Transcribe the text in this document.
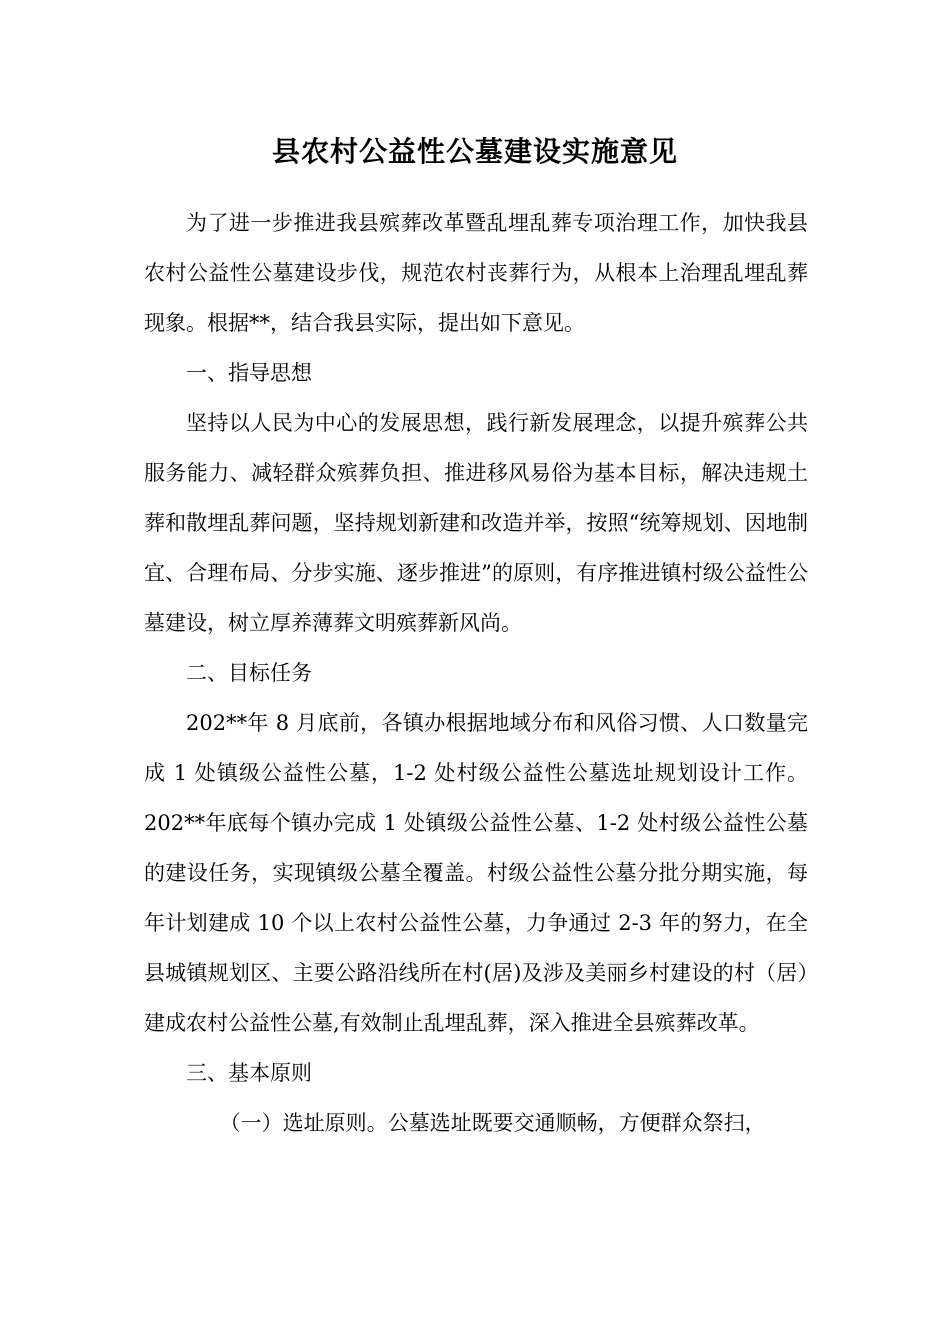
县农村公益性公墓建设实施意见

为了进一步推进我县殡葬改革暨乱埋乱葬专项治理工作，加快我县农村公益性公墓建设步伐，规范农村丧葬行为，从根本上治理乱埋乱葬现象。根据**，结合我县实际，提出如下意见。

一、指导思想

坚持以人民为中心的发展思想，践行新发展理念，以提升殡葬公共服务能力、减轻群众殡葬负担、推进移风易俗为基本目标，解决违规土葬和散埋乱葬问题，坚持规划新建和改造并举，按照“统筹规划、因地制宜、合理布局、分步实施、逐步推进”的原则，有序推进镇村级公益性公墓建设，树立厚养薄葬文明殡葬新风尚。

二、目标任务

202**年 8 月底前，各镇办根据地域分布和风俗习惯、人口数量完成 1 处镇级公益性公墓，1-2 处村级公益性公墓选址规划设计工作。202**年底每个镇办完成 1 处镇级公益性公墓、1-2 处村级公益性公墓的建设任务，实现镇级公墓全覆盖。村级公益性公墓分批分期实施，每年计划建成 10 个以上农村公益性公墓，力争通过 2-3 年的努力，在全县城镇规划区、主要公路沿线所在村(居)及涉及美丽乡村建设的村（居）建成农村公益性公墓,有效制止乱埋乱葬，深入推进全县殡葬改革。

三、基本原则

（一）选址原则。公墓选址既要交通顺畅，方便群众祭扫，
